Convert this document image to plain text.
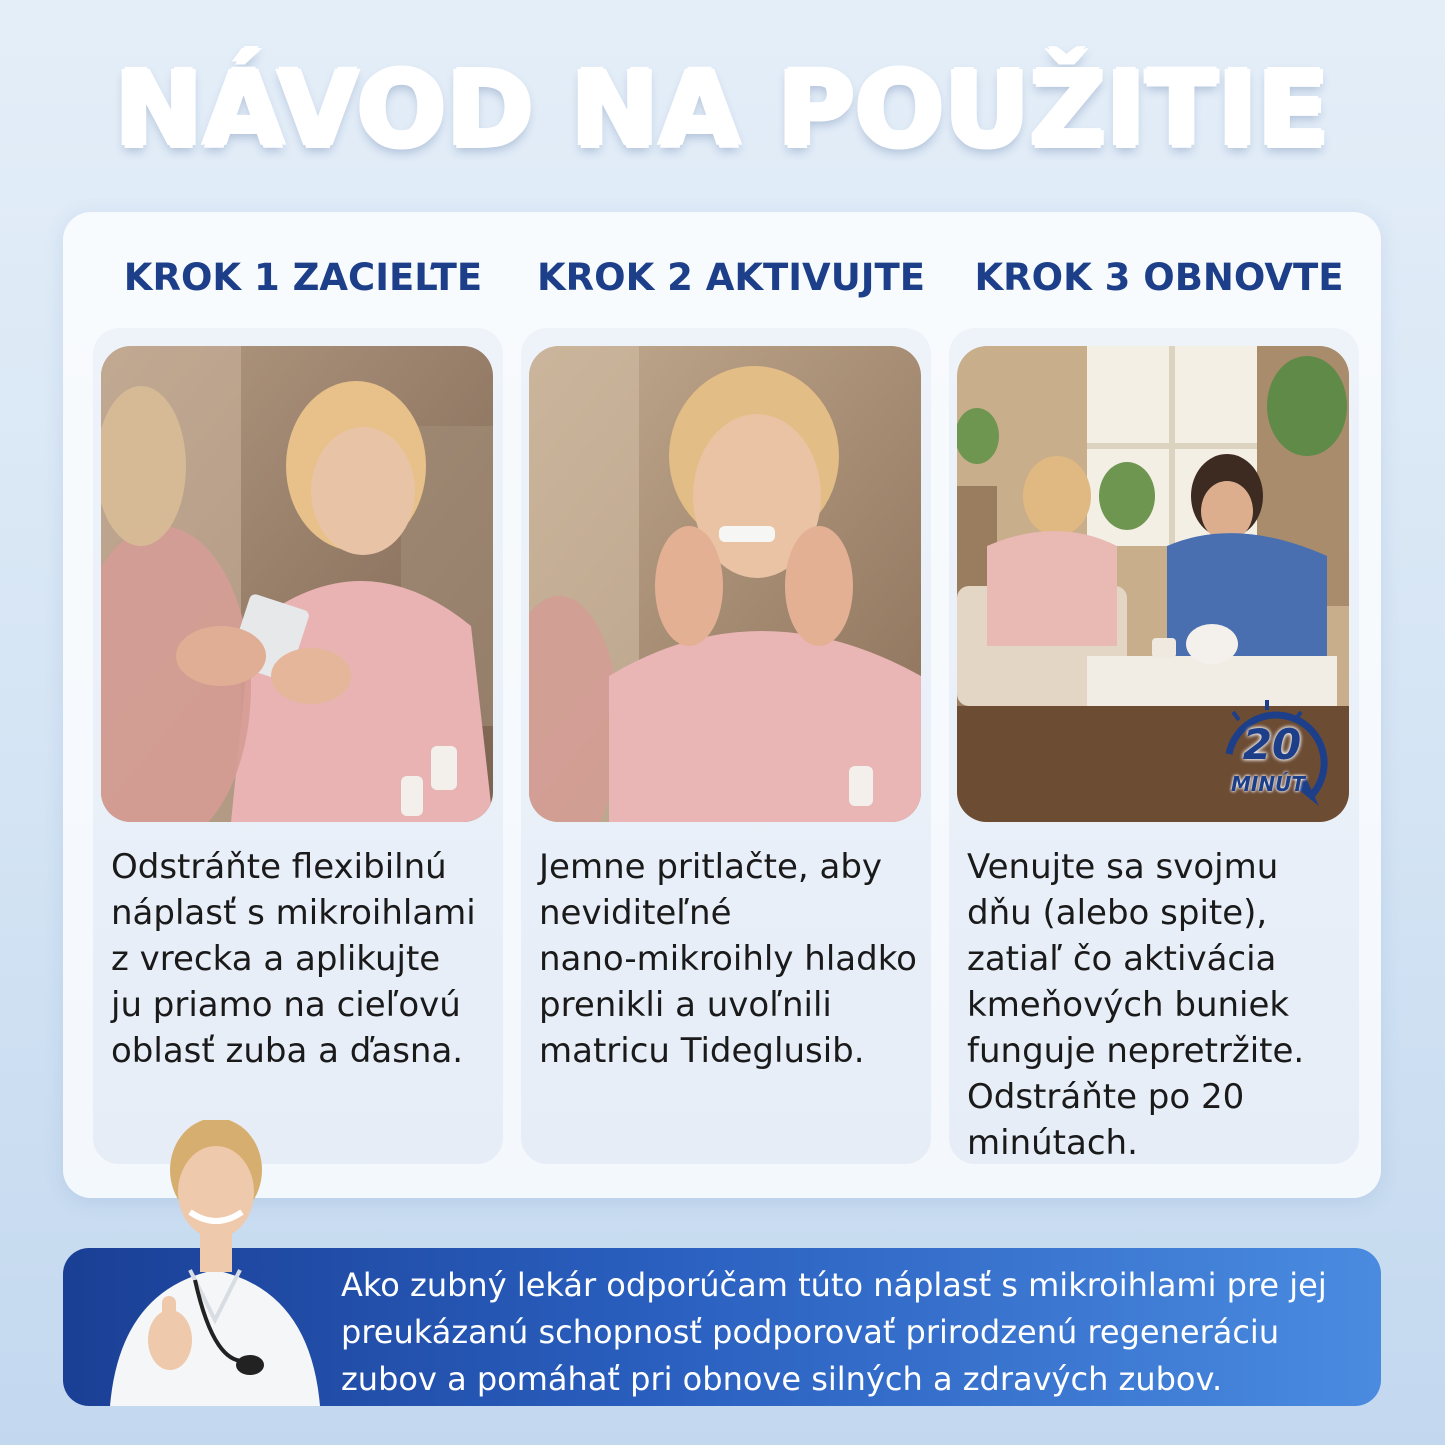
NÁVOD NA POUŽITIE
KROK 1 ZACIEĽTE
Odstráňte flexibilnú
náplasť s mikroihlami
z vrecka a aplikujte
ju priamo na cieľovú
oblasť zuba a ďasna.
KROK 2 AKTIVUJTE
Jemne pritlačte, aby
neviditeľné
nano-mikroihly hladko
prenikli a uvoľnili
matricu Tideglusib.
KROK 3 OBNOVTE
20
MINÚT
Venujte sa svojmu
dňu (alebo spite),
zatiaľ čo aktivácia
kmeňových buniek
funguje nepretržite.
Odstráňte po 20
minútach.
Ako zubný lekár odporúčam túto náplasť s mikroihlami pre jej
preukázanú schopnosť podporovať prirodzenú regeneráciu
zubov a pomáhať pri obnove silných a zdravých zubov.
